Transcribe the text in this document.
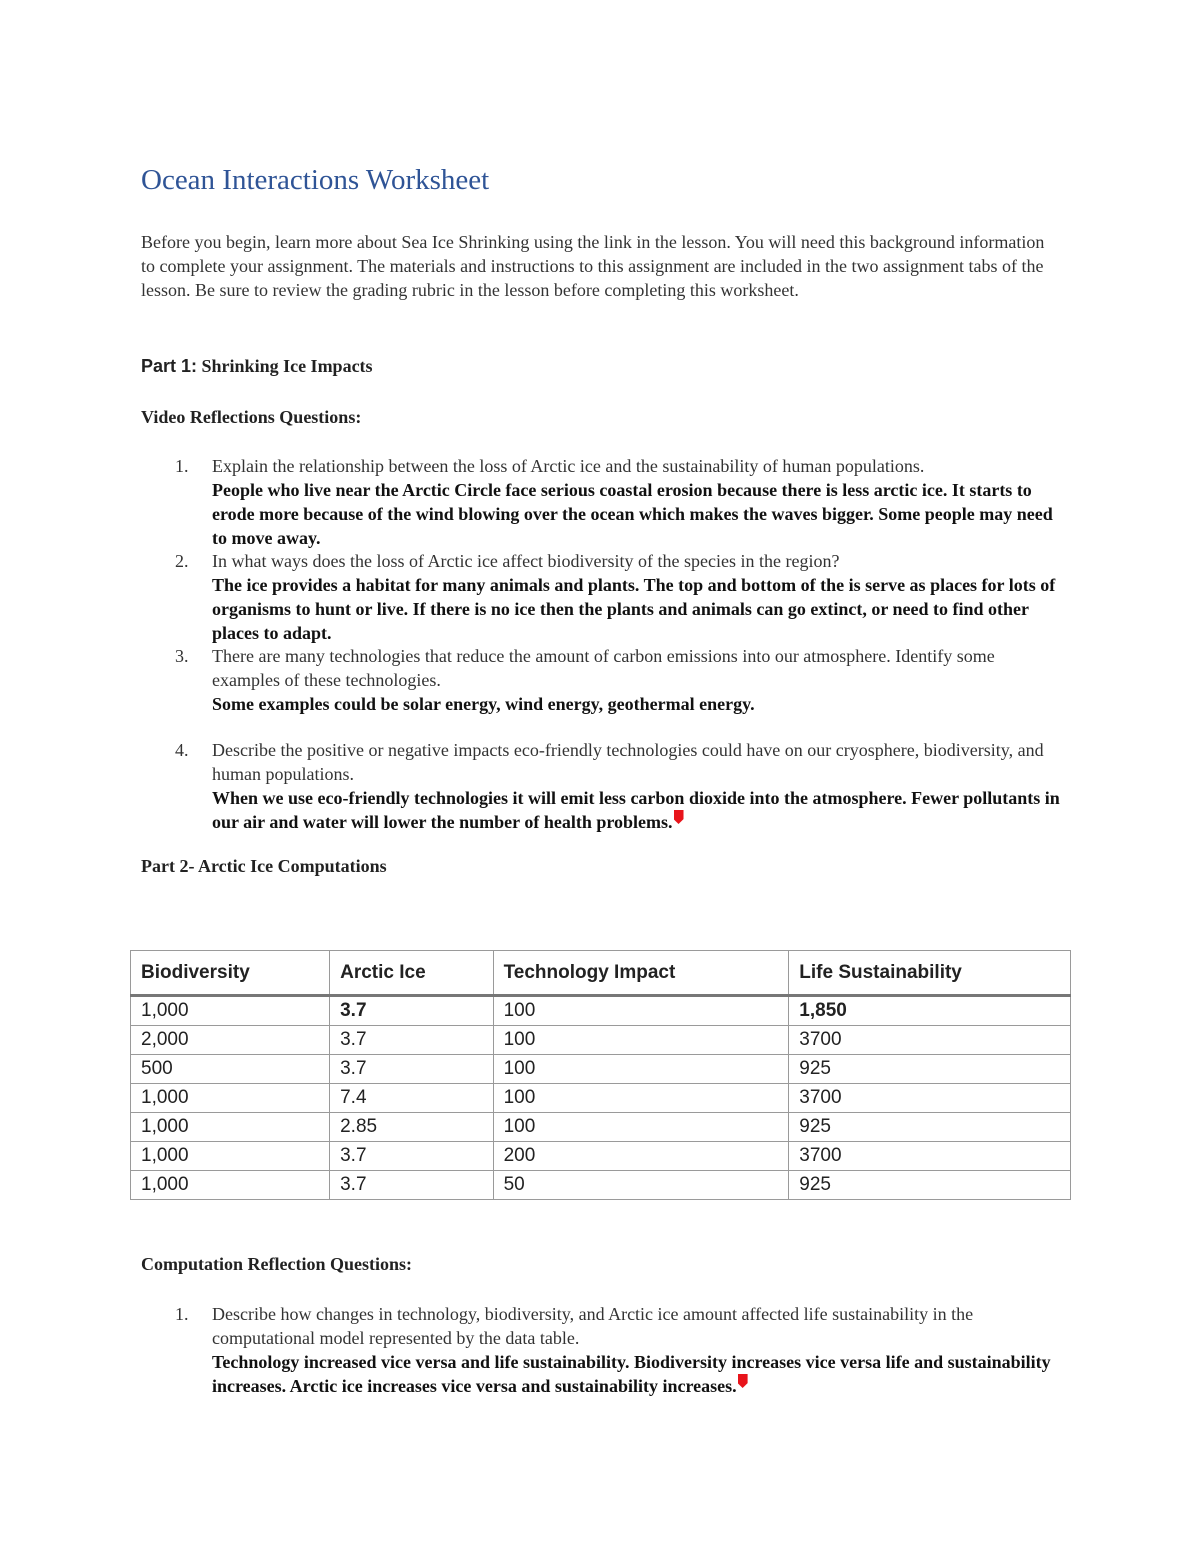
Ocean Interactions Worksheet

Before you begin, learn more about Sea Ice Shrinking using the link in the lesson. You will need this background information to complete your assignment. The materials and instructions to this assignment are included in the two assignment tabs of the lesson. Be sure to review the grading rubric in the lesson before completing this worksheet.

Part 1: Shrinking Ice Impacts

Video Reflections Questions:

1.	Explain the relationship between the loss of Arctic ice and the sustainability of human populations.
People who live near the Arctic Circle face serious coastal erosion because there is less arctic ice. It starts to erode more because of the wind blowing over the ocean which makes the waves bigger. Some people may need to move away.
2.	In what ways does the loss of Arctic ice affect biodiversity of the species in the region?
The ice provides a habitat for many animals and plants. The top and bottom of the is serve as places for lots of organisms to hunt or live. If there is no ice then the plants and animals can go extinct, or need to find other places to adapt.
3.	There are many technologies that reduce the amount of carbon emissions into our atmosphere. Identify some examples of these technologies.
Some examples could be solar energy, wind energy, geothermal energy.
4.	Describe the positive or negative impacts eco-friendly technologies could have on our cryosphere, biodiversity, and human populations.
When we use eco-friendly technologies it will emit less carbon dioxide into the atmosphere. Fewer pollutants in our air and water will lower the number of health problems.

Part 2- Arctic Ice Computations

Biodiversity	Arctic Ice	Technology Impact	Life Sustainability
1,000	3.7	100	1,850
2,000	3.7	100	3700
500	3.7	100	925
1,000	7.4	100	3700
1,000	2.85	100	925
1,000	3.7	200	3700
1,000	3.7	50	925

Computation Reflection Questions:

1.	Describe how changes in technology, biodiversity, and Arctic ice amount affected life sustainability in the computational model represented by the data table.
Technology increased vice versa and life sustainability. Biodiversity increases vice versa life and sustainability increases. Arctic ice increases vice versa and sustainability increases.
